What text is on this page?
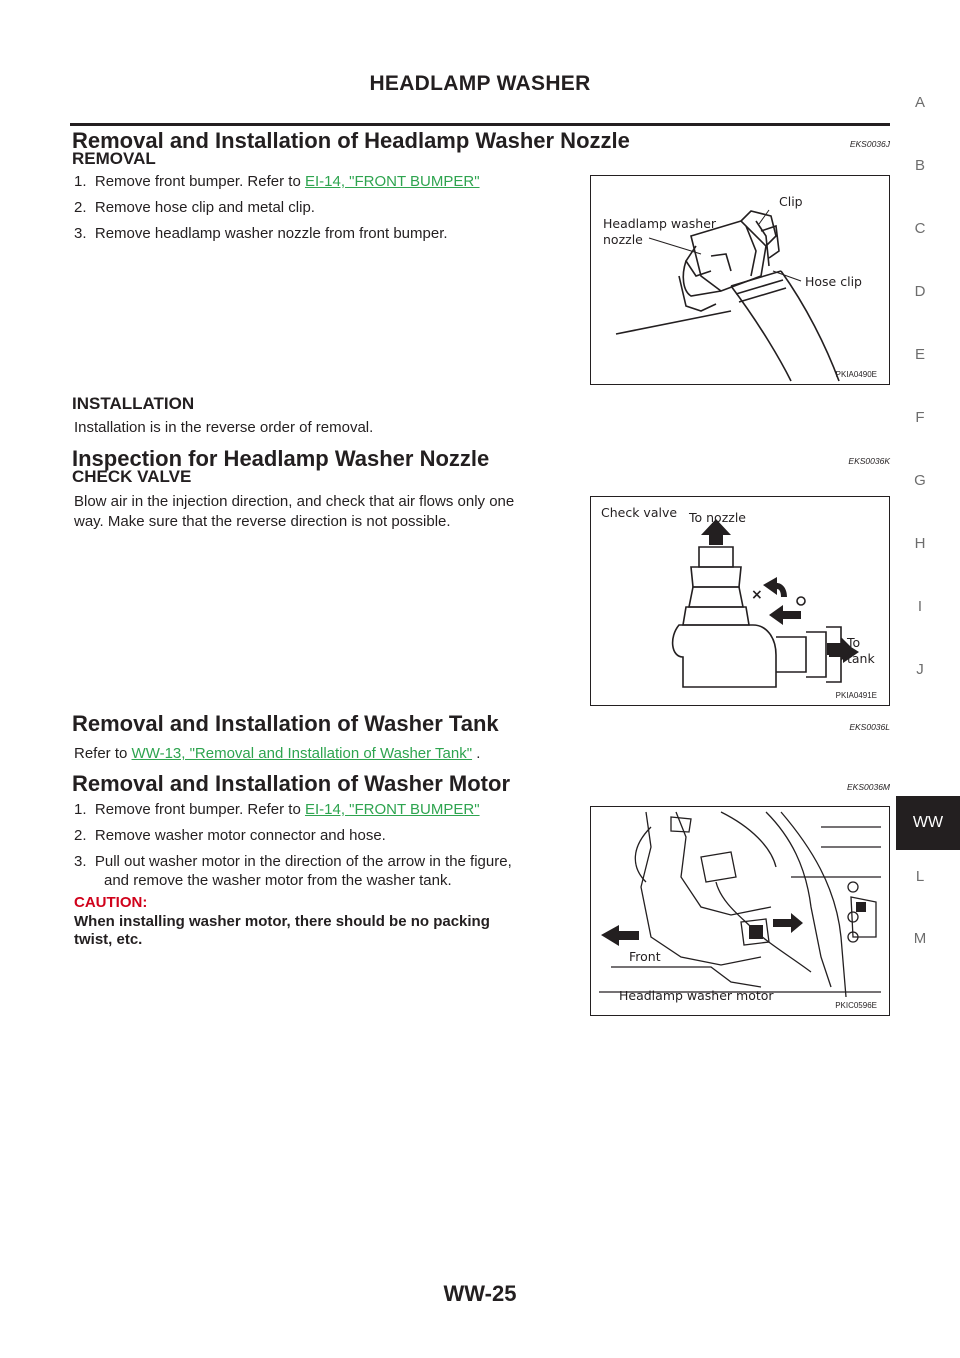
HEADLAMP WASHER
Removal and Installation of Headlamp Washer Nozzle	EKS0036J
REMOVAL
1. Remove front bumper. Refer to EI-14, "FRONT BUMPER"
2. Remove hose clip and metal clip.
3. Remove headlamp washer nozzle from front bumper.
Headlamp washer
nozzle
Clip
Hose clip
PKIA0490E
INSTALLATION
Installation is in the reverse order of removal.
Inspection for Headlamp Washer Nozzle	EKS0036K
CHECK VALVE
Blow air in the injection direction, and check that air flows only one
way. Make sure that the reverse direction is not possible.
Check valve To nozzle
×
To
tank
PKIA0491E
Removal and Installation of Washer Tank	EKS0036L
Refer to WW-13, "Removal and Installation of Washer Tank" .
Removal and Installation of Washer Motor	EKS0036M
1. Remove front bumper. Refer to EI-14, "FRONT BUMPER"
2. Remove washer motor connector and hose.
3. Pull out washer motor in the direction of the arrow in the figure,
and remove the washer motor from the washer tank.
CAUTION:
When installing washer motor, there should be no packing
twist, etc.
Front
Headlamp washer motor
PKIC0596E
A
B
C
D
E
F
G
H
I
J
WW
L
M
WW-25
